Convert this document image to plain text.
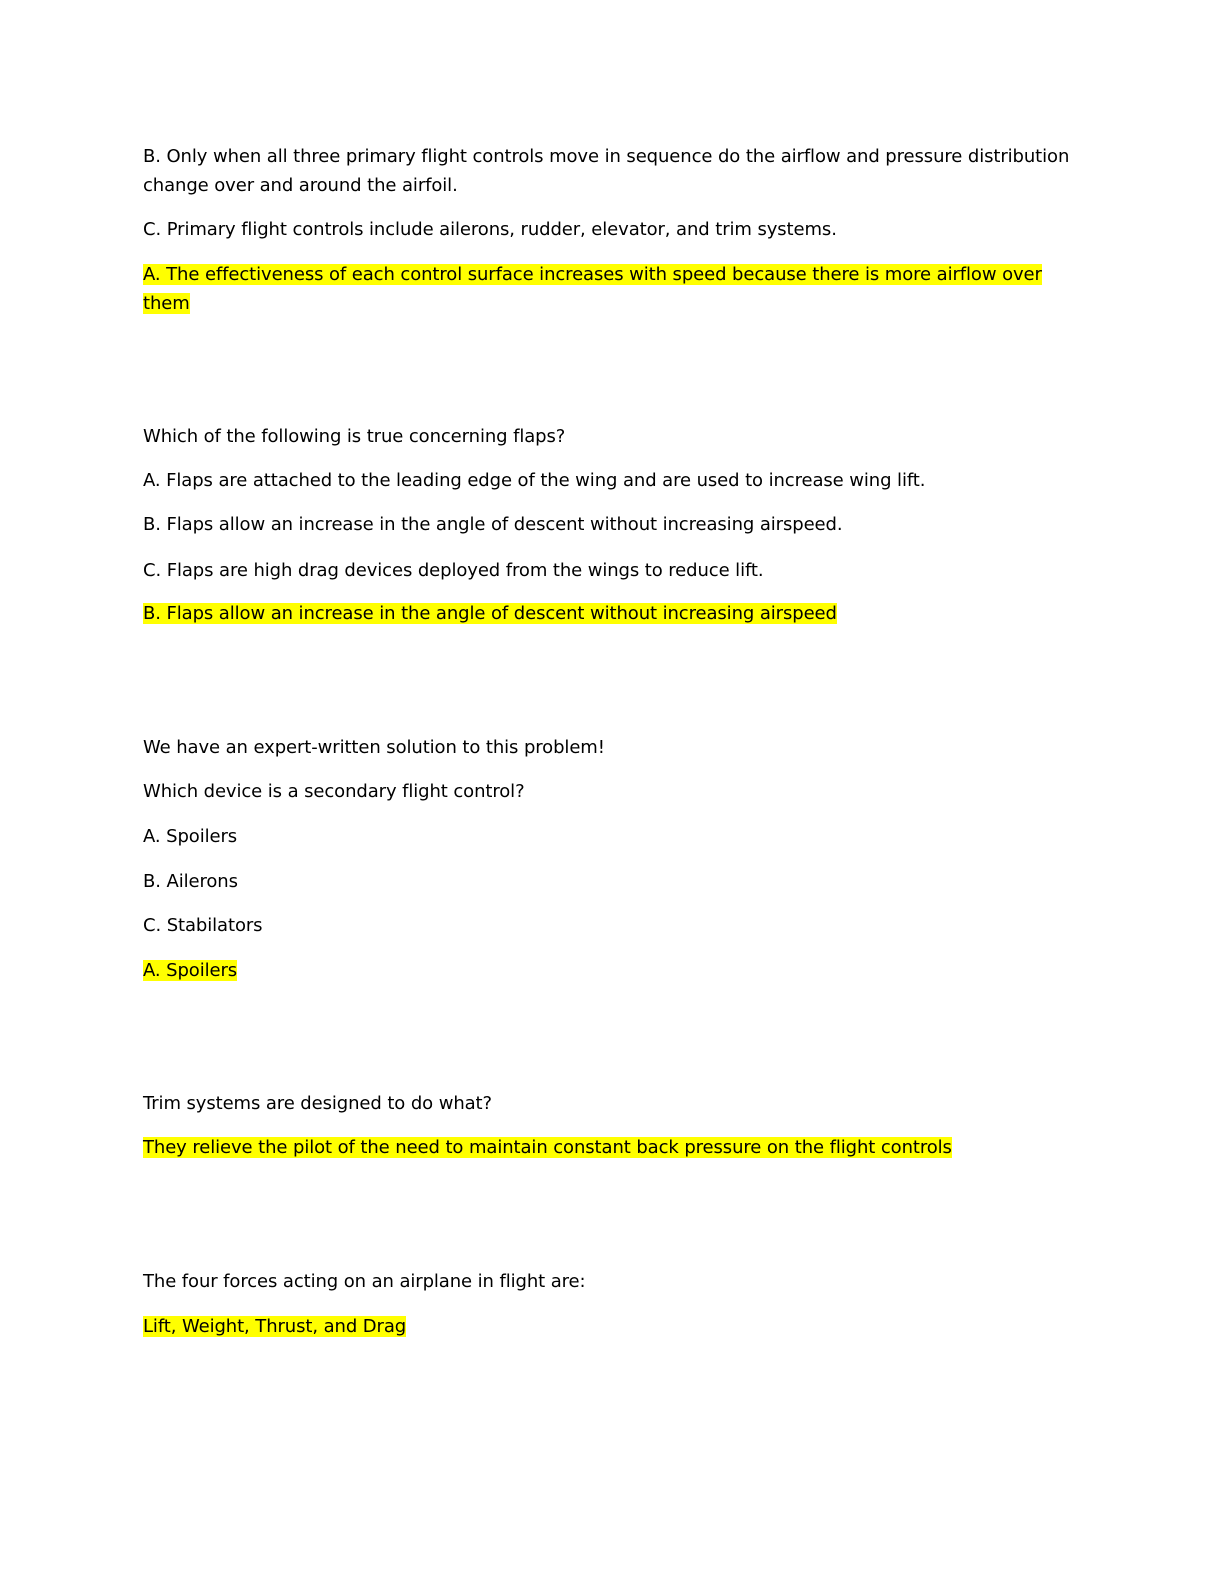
B. Only when all three primary flight controls move in sequence do the airflow and pressure distribution

change over and around the airfoil.

C. Primary flight controls include ailerons, rudder, elevator, and trim systems.

A. The effectiveness of each control surface increases with speed because there is more airflow over

them

Which of the following is true concerning flaps?

A. Flaps are attached to the leading edge of the wing and are used to increase wing lift.

B. Flaps allow an increase in the angle of descent without increasing airspeed.

C. Flaps are high drag devices deployed from the wings to reduce lift.

B. Flaps allow an increase in the angle of descent without increasing airspeed

We have an expert-written solution to this problem!

Which device is a secondary flight control?

A. Spoilers

B. Ailerons

C. Stabilators

A. Spoilers

Trim systems are designed to do what?

They relieve the pilot of the need to maintain constant back pressure on the flight controls

The four forces acting on an airplane in flight are:

Lift, Weight, Thrust, and Drag
